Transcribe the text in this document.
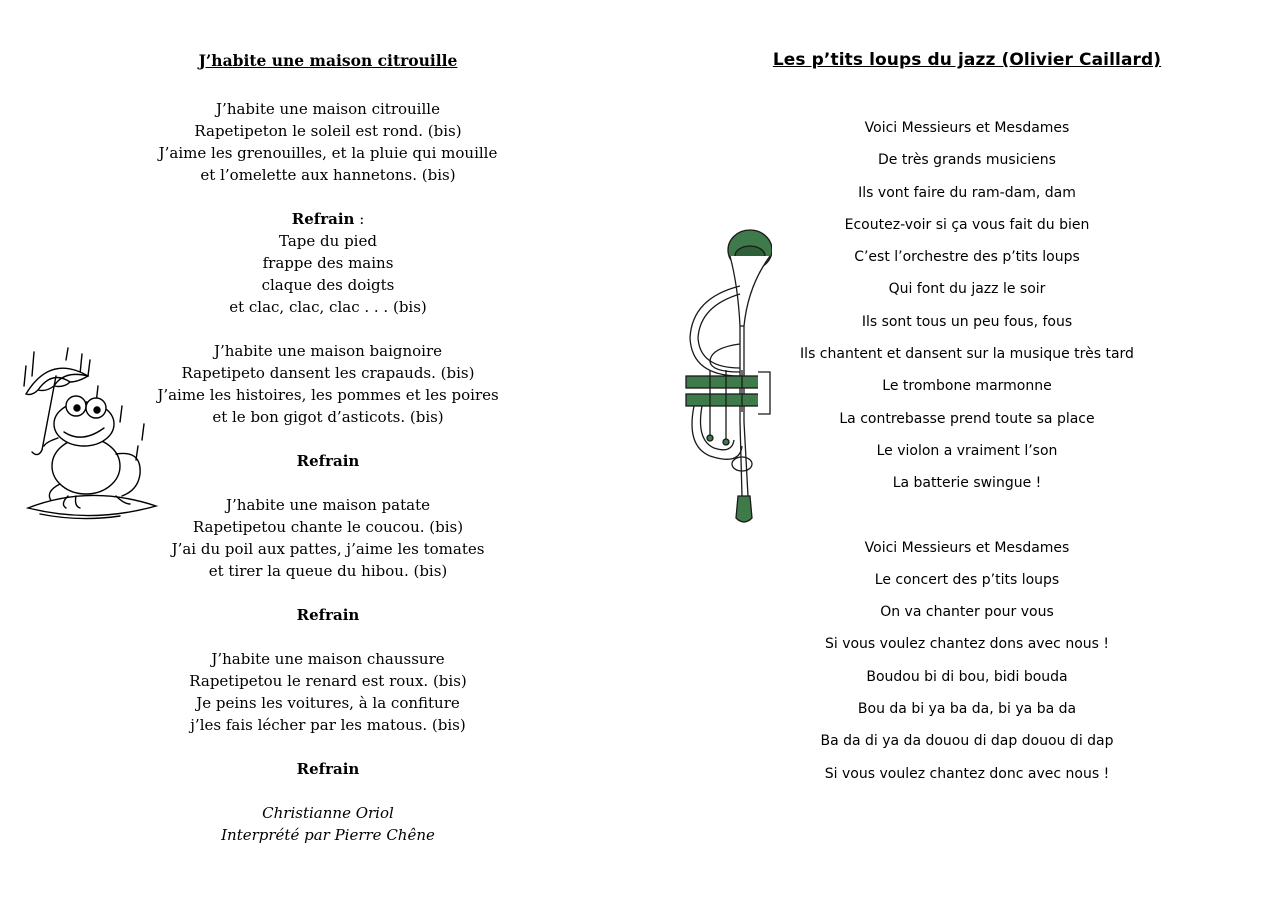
J’habite une maison citrouille
J’habite une maison citrouille
Rapetipeton le soleil est rond. (bis)
J’aime les grenouilles, et la pluie qui mouille
et l’omelette aux hannetons. (bis)
Refrain :
Tape du pied
frappe des mains
claque des doigts
et clac, clac, clac . . . (bis)
J’habite une maison baignoire
Rapetipeto dansent les crapauds. (bis)
J’aime les histoires, les pommes et les poires
et le bon gigot d’asticots. (bis)
Refrain
J’habite une maison patate
Rapetipetou chante le coucou. (bis)
J’ai du poil aux pattes, j’aime les tomates
et tirer la queue du hibou. (bis)
Refrain
J’habite une maison chaussure
Rapetipetou le renard est roux. (bis)
Je peins les voitures, à la confiture
j’les fais lécher par les matous. (bis)
Refrain
Christianne Oriol
Interprété par Pierre Chêne
Les p’tits loups du jazz (Olivier Caillard)
Voici Messieurs et Mesdames
De très grands musiciens
Ils vont faire du ram-dam, dam
Ecoutez-voir si ça vous fait du bien
C’est l’orchestre des p’tits loups
Qui font du jazz le soir
Ils sont tous un peu fous, fous
Ils chantent et dansent sur la musique très tard
Le trombone marmonne
La contrebasse prend toute sa place
Le violon a vraiment l’son
La batterie swingue !
Voici Messieurs et Mesdames
Le concert des p’tits loups
On va chanter pour vous
Si vous voulez chantez dons avec nous !
Boudou bi di bou, bidi bouda
Bou da bi ya ba da, bi ya ba da
Ba da di ya da douou di dap douou di dap
Si vous voulez chantez donc avec nous !
